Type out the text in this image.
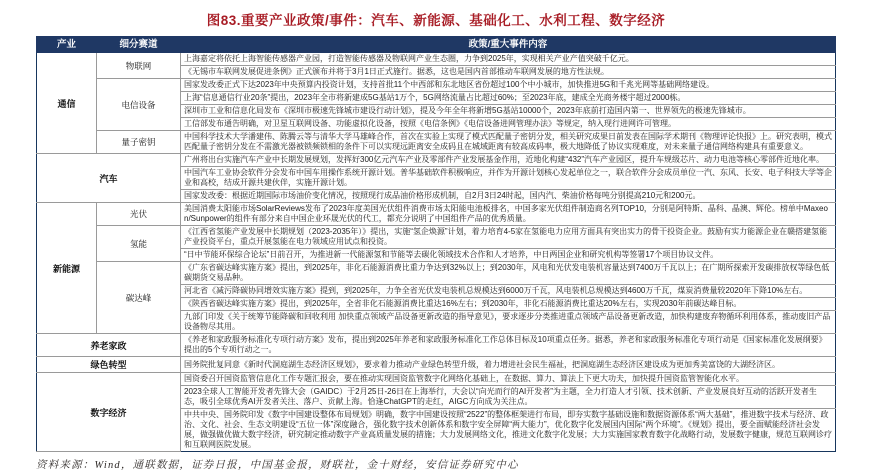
图83.重要产业政策/事件：汽车、新能源、基础化工、水利工程、数字经济
产业	细分赛道	政策/重大事件内容
通信	物联网	上海嘉定将依托上海智能传感器产业园，打造智能传感器及物联网产业生态圈，力争到2025年，实现相关产业产值突破千亿元。
		《无锡市车联网发展促进条例》正式颁布并将于3月1日正式施行。据悉，这也是国内首部推动车联网发展的地方性法规。
	电信设备	国家发改委正式下达2023年中央预算内投资计划，支持首批11个中西部和东北地区省份超过100个中小城市，加快推进5G和千兆光网等基础网络建设。
		上海“信息通信行业20条”提出，2023年全市将新建成5G基站1万个，5G网络流量占比超过60%；至2023年底，建成全光商务楼宇超过2000栋。
		深圳市工业和信息化局发布《深圳市极速先锋城市建设行动计划》，提及今年全年将新增5G基站10000个，2023年底前打造国内第一、世界领先的极速先锋城市。
		工信部发布通告明确，对卫星互联网设备、功能虚拟化设备，按照《电信条例》《电信设备进网管理办法》等规定，纳入现行进网许可管理。
	量子密钥	中国科学技术大学潘建伟、陈腾云等与清华大学马雄峰合作，首次在实验上实现了模式匹配量子密钥分发，相关研究成果日前发表在国际学术期刊《物理评论快报》上。研究表明，模式匹配量子密钥分发在不需激光器被锁频锁相的条件下可以实现远距离安全成码且在城域距离有较高成码率，极大地降低了协议实现难度，对未来量子通信网络构建具有重要意义。
汽车		广州将出台实施汽车产业中长期发展规划，发挥好300亿元汽车产业及零部件产业发展基金作用，近地化构建“432”汽车产业园区，提升车规级芯片、动力电池等核心零部件近地化率。
		中国汽车工业协会软件分会发布中国车用操作系统开源计划。普华基础软件积极响应，并作为开源计划核心发起单位之一，联合软件分会成员单位一汽、东风、长安、电子科技大学等企业和高校，结成开源共建伙伴，实施开源计划。
		国家发改委：根据近期国际市场油价变化情况，按照现行成品油价格形成机制，自2月3日24时起，国内汽、柴油价格每吨分别提高210元和200元。
新能源	光伏	美国消费太阳能市场SolarReviews发布了2023年度美国光伏组件消费市场太阳能电池板排名，中国多家光伏组件制造商名列TOP10，分别是阿特斯、晶科、晶澳、辉伦。榜单中Maxeon/Sunpower的组件有部分来自中国企业环晟光伏的代工，都充分说明了中国组件产品的优秀质量。
	氢能	《江西省氢能产业发展中长期规划（2023-2035年）》提出，实施“氢企焕源”计划，着力培育4-5家在氢能电力应用方面具有突出实力的骨干投资企业。鼓励有实力能源企业在赣搭建氢能产业投资平台，重点开展氢能在电力领域应用试点和投资。
		“日中节能环保综合论坛”日前召开，为推进新一代能源氢和节能等去碳化领域技术合作和人才培养，中日两国企业和研究机构等签署17个项目协议文件。
	碳达峰	《广东省碳达峰实施方案》提出，到2025年，非化石能源消费比重力争达到32%以上；到2030年，风电和光伏发电装机容量达到7400万千瓦以上；在广期所探索开发碳排放权等绿色低碳期货交易品种。
		河北省《减污降碳协同增效实施方案》提到，到2025年，力争全省光伏发电装机总规模达到6000万千瓦，风电装机总规模达到4600万千瓦，煤炭消费量较2020年下降10%左右。
		《陕西省碳达峰实施方案》提出，到2025年，全省非化石能源消费比重达16%左右；到2030年，非化石能源消费比重达20%左右，实现2030年前碳达峰目标。
		九部门印发《关于统筹节能降碳和回收利用 加快重点领域产品设备更新改造的指导意见》，要求逐步分类推进重点领域产品设备更新改造，加快构建废弃物循环利用体系，推动废旧产品设备物尽其用。
养老家政		《养老和家政服务标准化专项行动方案》发布，提出到2025年养老和家政服务标准化工作总体目标及10项重点任务。据悉，养老和家政服务标准化专项行动是《国家标准化发展纲要》提出的5个专项行动之一。
绿色转型		国务院批复同意《新时代洞庭湖生态经济区规划》，要求着力推动产业绿色转型升级，着力增进社会民生福祉，把洞庭湖生态经济区建设成为更加秀美富饶的大湖经济区。
数字经济		国资委召开国资监管信息化工作专题汇报会，要在推动实现国资监管数字化网络化基础上，在数据、算力、算法上下更大功夫，加快提升国资监管智能化水平。
		2023全球人工智能开发者先锋大会（GAIDC）于2月25日-26日在上海举行，大会以“向光而行的AI开发者”为主题，全力打造人才引领、技术创新、产业发展良好互动的活跃开发者生态，吸引全球优秀AI开发者关注、落户、贡献上海。恰逢ChatGPT的走红，AIGC方向成为关注点。
		中共中央、国务院印发《数字中国建设整体布局规划》明确，数字中国建设按照“2522”的整体框架进行布局，即夯实数字基础设施和数据资源体系“两大基础”，推进数字技术与经济、政治、文化、社会、生态文明建设“五位一体”深度融合，强化数字技术创新体系和数字安全屏障“两大能力”，优化数字化发展国内国际“两个环境”。《规划》提出，要全面赋能经济社会发展，做强做优做大数字经济，研究制定推动数字产业高质量发展的措施；大力发展网络文化，推进文化数字化发展；大力实施国家教育数字化战略行动，发展数字健康，规范互联网诊疗和互联网医院发展。
资料来源：Wind，通联数据，证券日报，中国基金报，财联社，金十财经，安信证券研究中心
